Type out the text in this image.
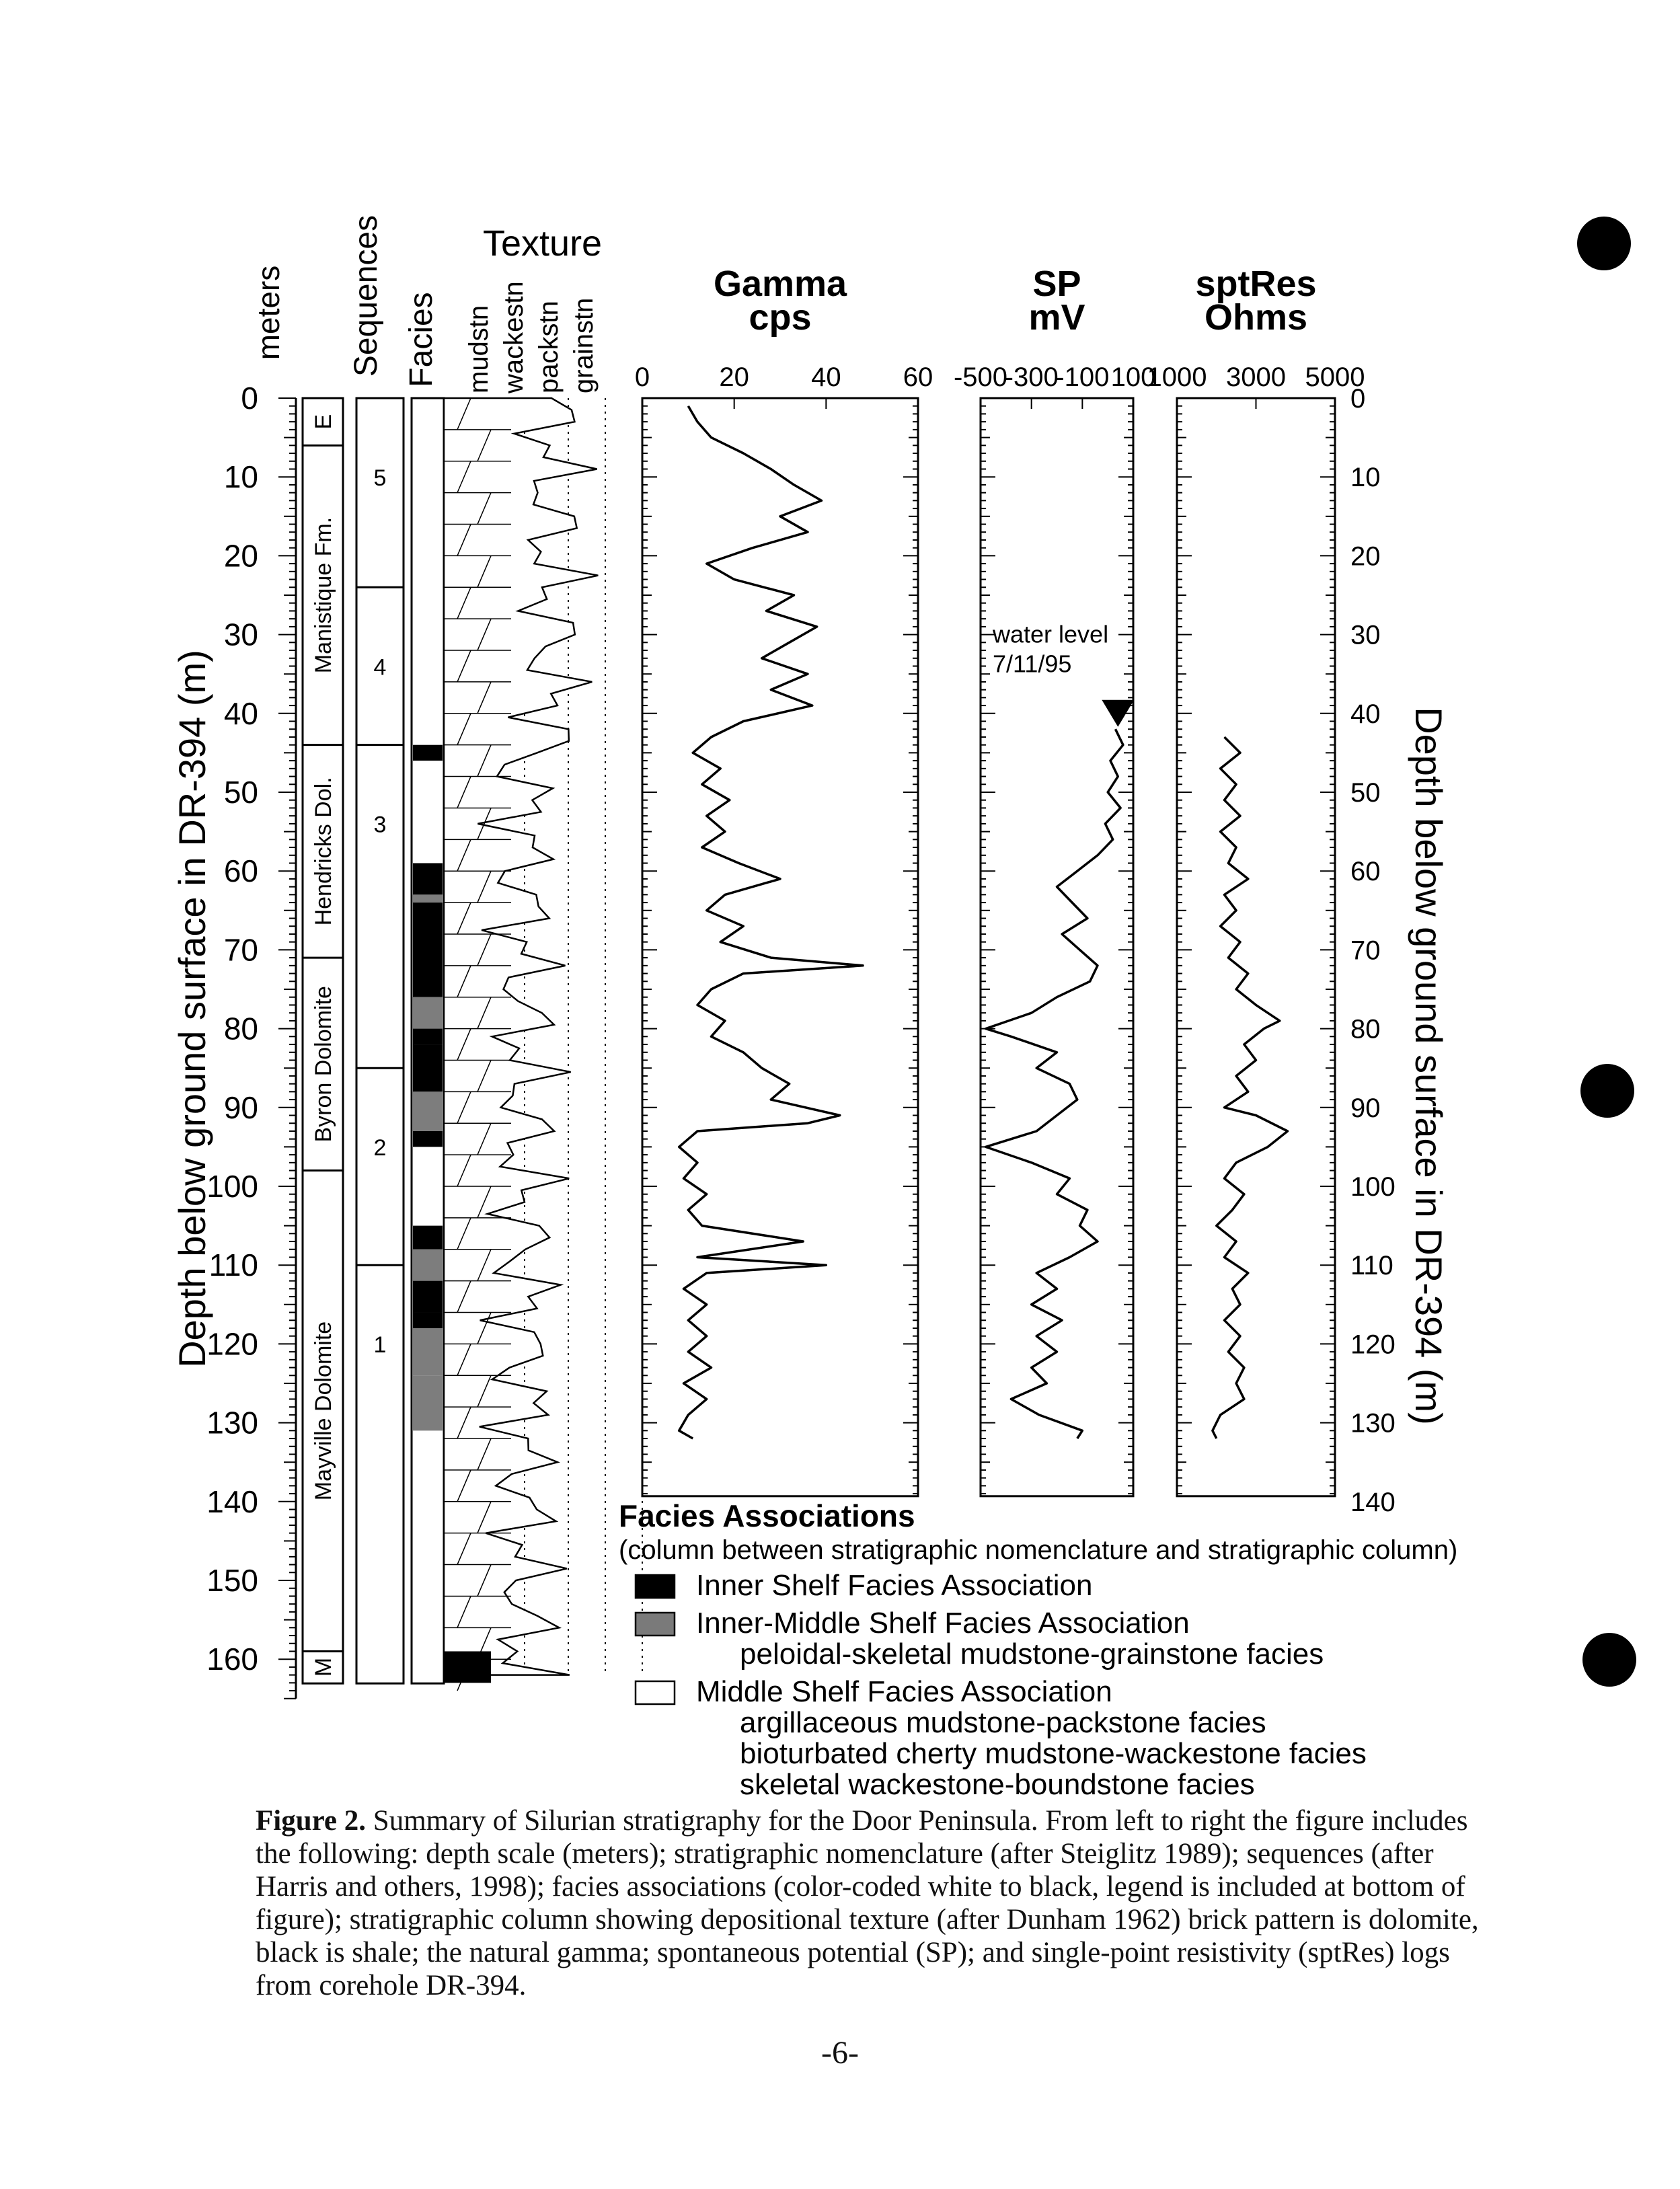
0
10
20
30
40
50
60
70
80
90
100
110
120
130
140
150
160
Depth below ground surface in DR-394 (m)
meters
E
Manistique Fm.
Hendricks Dol.
Byron Dolomite
Mayville Dolomite
M
5
4
3
2
1
Sequences Facies
Texture
mudstn wackestn packstn grainstn 0	20 40 60
Gamma
cps
-500
-300
-100 100
SP
mV
water level
7/11/95
1000 3000 5000
sptRes
Ohms
0
10
20
30
40
50
60
70
80
90
100
110
120
130
140
Depth below ground surface in DR-394 (m)
Facies Associations
(column between stratigraphic nomenclature and stratigraphic column)
Inner Shelf Facies Association
Inner-Middle Shelf Facies Association
peloidal-skeletal mudstone-grainstone facies
Middle Shelf Facies Association
argillaceous mudstone-packstone facies
bioturbated cherty mudstone-wackestone facies
skeletal wackestone-boundstone facies
Figure 2. Summary of Silurian stratigraphy for the Door Peninsula. From left to right the figure includes the following: depth scale (meters); stratigraphic nomenclature (after Steiglitz 1989); sequences (after Harris and others, 1998); facies associations (color-coded white to black, legend is included at bottom of figure); stratigraphic column showing depositional texture (after Dunham 1962) brick pattern is dolomite, black is shale; the natural gamma; spontaneous potential (SP); and single-point resistivity (sptRes) logs from corehole DR-394.
-6-
